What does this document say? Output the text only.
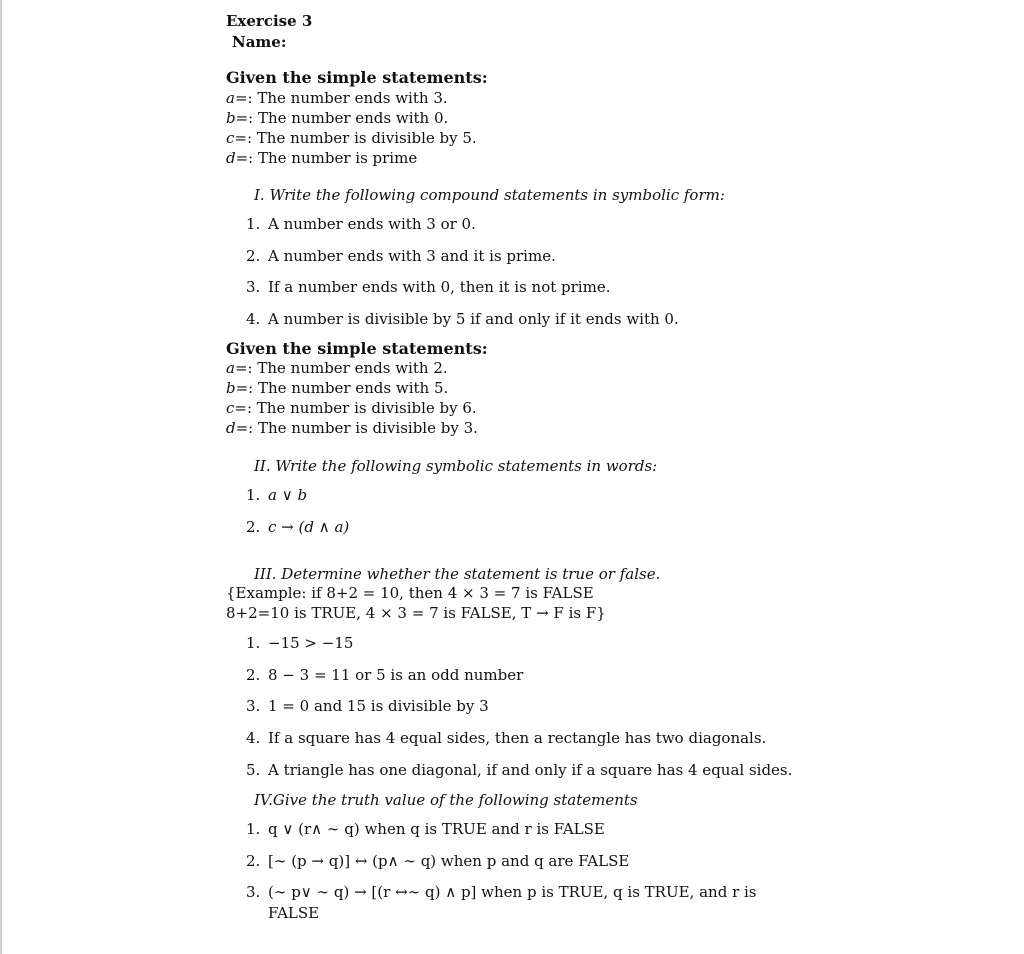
Exercise 3
Name:
Given the simple statements:
a=: The number ends with 3.
b=: The number ends with 0.
c=: The number is divisible by 5.
d=: The number is prime
I. Write the following compound statements in symbolic form:
1. A number ends with 3 or 0.
2. A number ends with 3 and it is prime.
3. If a number ends with 0, then it is not prime.
4. A number is divisible by 5 if and only if it ends with 0.
Given the simple statements:
a=: The number ends with 2.
b=: The number ends with 5.
c=: The number is divisible by 6.
d=: The number is divisible by 3.
II. Write the following symbolic statements in words:
1. a ∨ b
2. c → (d ∧ a)
III. Determine whether the statement is true or false.
{Example: if 8+2 = 10, then 4 × 3 = 7 is FALSE
8+2=10 is TRUE, 4 × 3 = 7 is FALSE, T → F is F}
1. −15 > −15
2. 8 − 3 = 11 or 5 is an odd number
3. 1 = 0 and 15 is divisible by 3
4. If a square has 4 equal sides, then a rectangle has two diagonals.
5. A triangle has one diagonal, if and only if a square has 4 equal sides.
IV.Give the truth value of the following statements
1. q ∨ (r∧ ∼ q) when q is TRUE and r is FALSE
2. [∼ (p → q)] ↔ (p∧ ∼ q) when p and q are FALSE
3. (∼ p∨ ∼ q) → [(r ↔∼ q) ∧ p] when p is TRUE, q is TRUE, and r is
FALSE
